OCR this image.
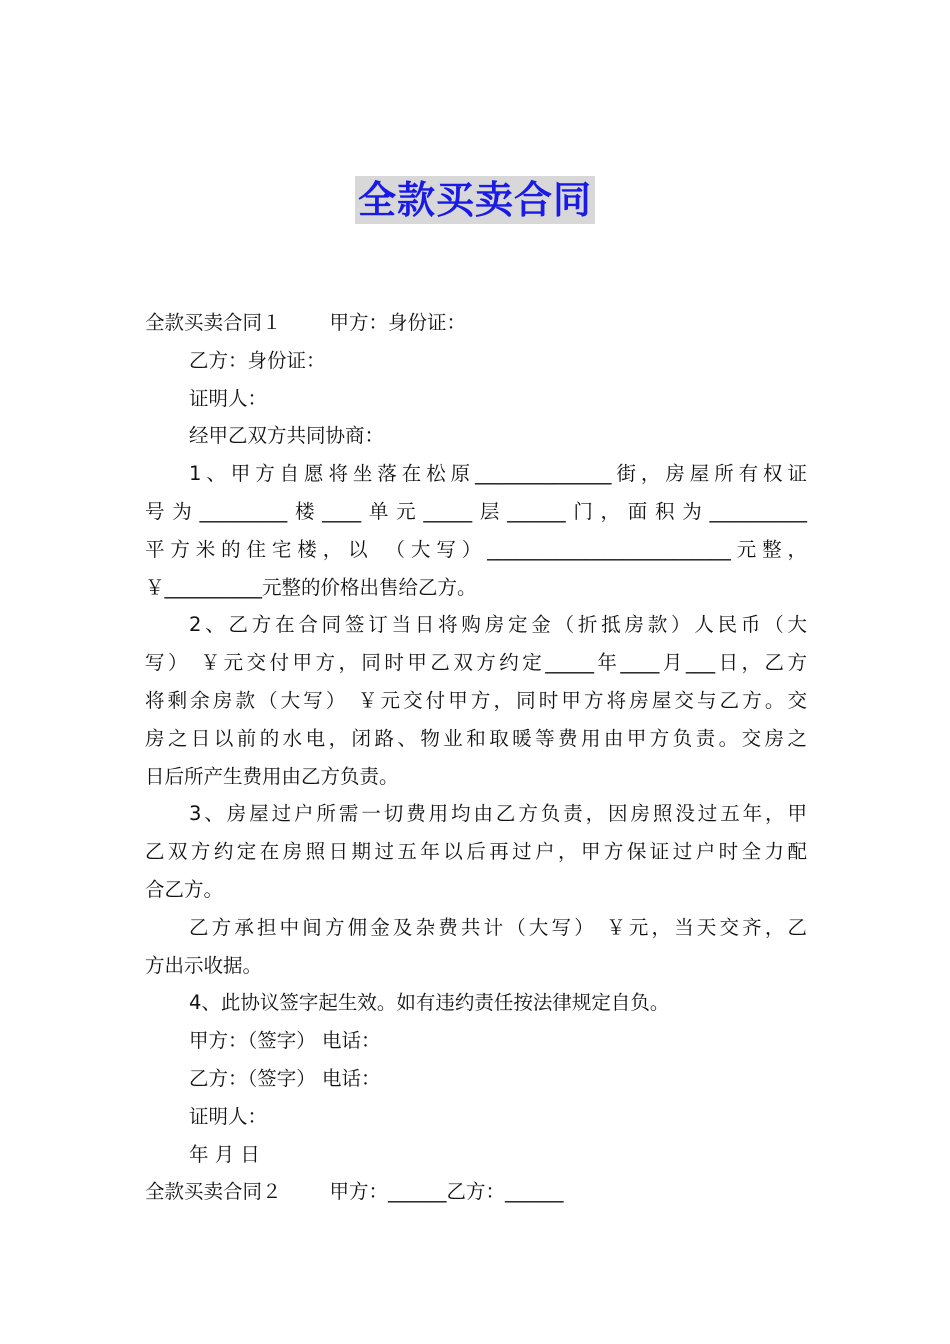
全款买卖合同
全款买卖合同１ 甲方：身份证：
乙方：身份证：
证明人：
经甲乙双方共同协商：
1、甲方自愿将坐落在松原______________街，房屋所有权证
号为_________楼____单元_____层______门，面积为__________
平方米的住宅楼，以 （大写）_________________________元整，
￥__________元整的价格出售给乙方。
2、乙方在合同签订当日将购房定金（折抵房款）人民币（大
写） ￥元交付甲方，同时甲乙双方约定_____年____月___日，乙方
将剩余房款（大写） ￥元交付甲方，同时甲方将房屋交与乙方。交
房之日以前的水电，闭路、物业和取暖等费用由甲方负责。交房之
日后所产生费用由乙方负责。
3、房屋过户所需一切费用均由乙方负责，因房照没过五年，甲
乙双方约定在房照日期过五年以后再过户，甲方保证过户时全力配
合乙方。
乙方承担中间方佣金及杂费共计（大写） ￥元，当天交齐，乙
方出示收据。
4、此协议签字起生效。如有违约责任按法律规定自负。
甲方：（签字） 电话：
乙方：（签字） 电话：
证明人：
年 月 日
全款买卖合同２ 甲方：______乙方：______
